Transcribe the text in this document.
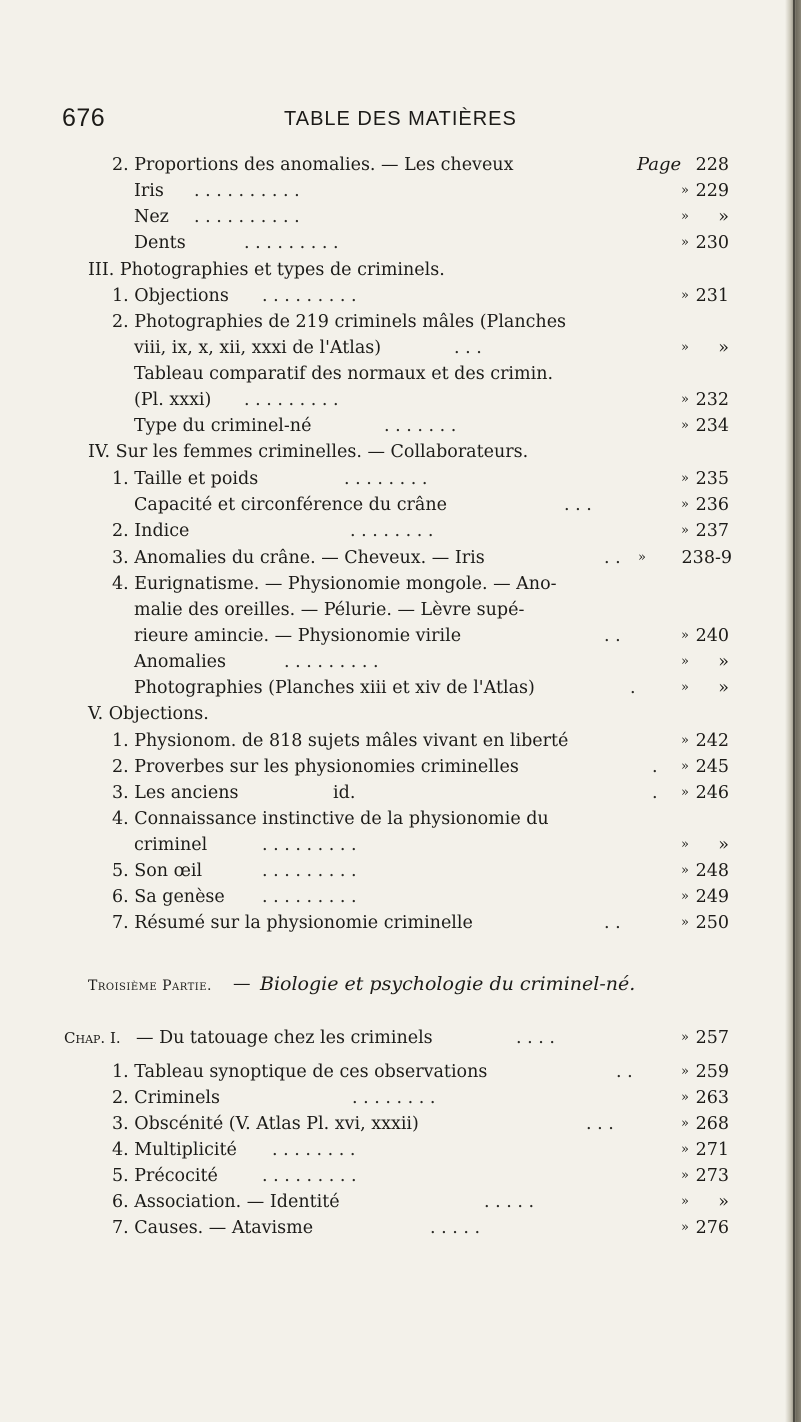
676	TABLE DES MATIÈRES
2. Proportions des anomalies. — Les cheveux	Page 228
Iris . . . . . . . . . .	» 229
Nez . . . . . . . . . .	»	»
Dents	. . . . . . . . .	» 230
III. Photographies et types de criminels.
1. Objections . . . . . . . . .	» 231
2. Photographies de 219 criminels mâles (Planches
viii, ix, x, xii, xxxi de l'Atlas)	. . .	»	»
Tableau comparatif des normaux et des crimin.
(Pl. xxxi) . . . . . . . . .	» 232
Type du criminel-né	. . . . . . .	» 234
IV. Sur les femmes criminelles. — Collaborateurs.
1. Taille et poids	. . . . . . . .	» 235
Capacité et circonférence du crâne	. . .	» 236
2. Indice	. . . . . . . .	» 237
3. Anomalies du crâne. — Cheveux. — Iris	. . »	238-9
4. Eurignatisme. — Physionomie mongole. — Ano-
malie des oreilles. — Pélurie. — Lèvre supé-
rieure amincie. — Physionomie virile	. .	» 240
Anomalies	. . . . . . . . .	»	»
Photographies (Planches xiii et xiv de l'Atlas)	.	»	»
V. Objections.
1. Physionom. de 818 sujets mâles vivant en liberté	» 242
2. Proverbes sur les physionomies criminelles	. » 245
3. Les anciens                 id.	. » 246
4. Connaissance instinctive de la physionomie du
criminel	. . . . . . . . .	»	»
5. Son œil	. . . . . . . . .	» 248
6. Sa genèse . . . . . . . . .	» 249
7. Résumé sur la physionomie criminelle	. .	» 250
Troisième Partie. — Biologie et psychologie du criminel-né.
Chap. I. — Du tatouage chez les criminels	. . . .	» 257
1. Tableau synoptique de ces observations	. .	» 259
2. Criminels	. . . . . . . .	» 263
3. Obscénité (V. Atlas Pl. xvi, xxxii)	. . .	» 268
4. Multiplicité . . . . . . . .	» 271
5. Précocité	. . . . . . . . .	» 273
6. Association. — Identité	. . . . .	»	»
7. Causes. — Atavisme	. . . . .	» 276
